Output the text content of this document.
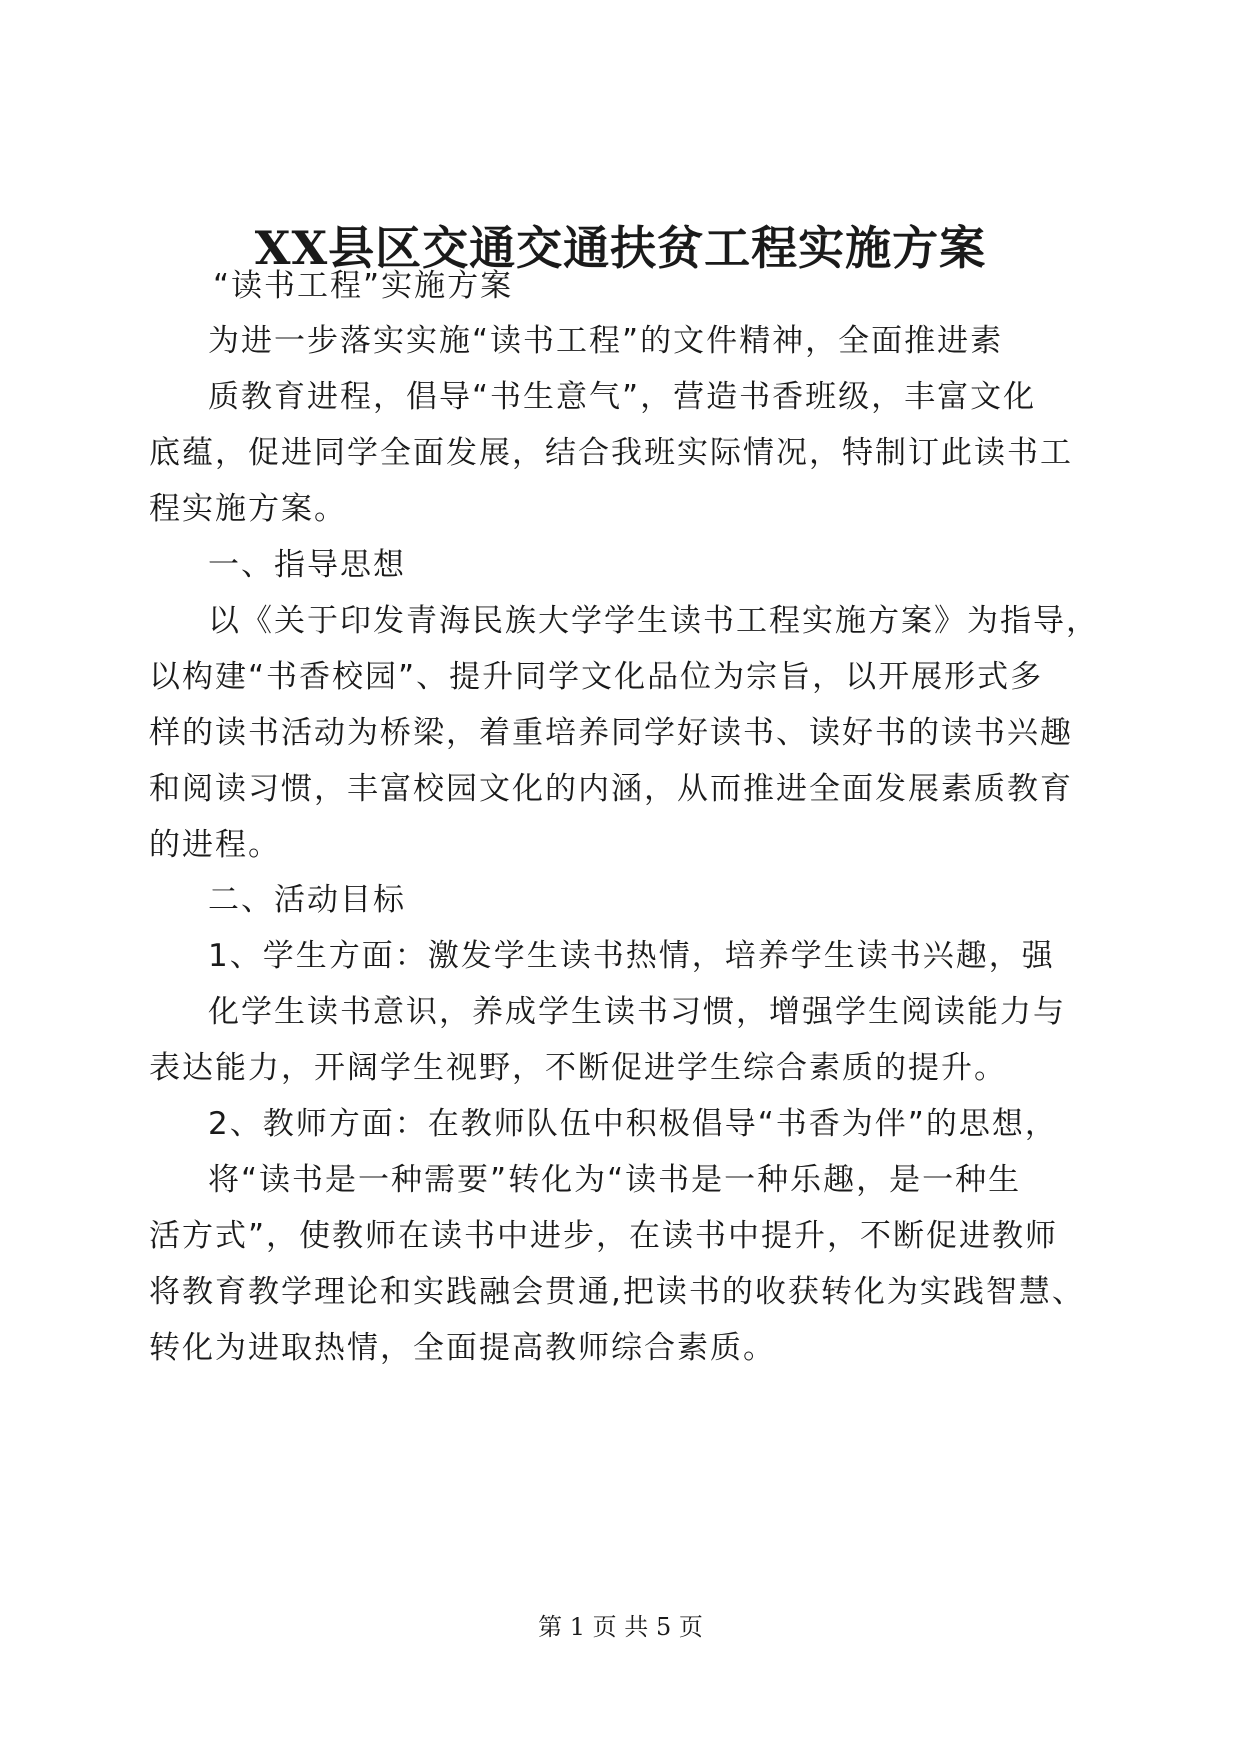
XX县区交通交通扶贫工程实施方案
“读书工程”实施方案
为进一步落实实施“读书工程”的文件精神，全面推进素
质教育进程，倡导“书生意气”，营造书香班级，丰富文化
底蕴，促进同学全面发展，结合我班实际情况，特制订此读书工
程实施方案。
一、指导思想
以《关于印发青海民族大学学生读书工程实施方案》为指导，
以构建“书香校园”、提升同学文化品位为宗旨，以开展形式多
样的读书活动为桥梁，着重培养同学好读书、读好书的读书兴趣
和阅读习惯，丰富校园文化的内涵，从而推进全面发展素质教育
的进程。
二、活动目标
1、学生方面：激发学生读书热情，培养学生读书兴趣，强
化学生读书意识，养成学生读书习惯，增强学生阅读能力与
表达能力，开阔学生视野，不断促进学生综合素质的提升。
2、教师方面：在教师队伍中积极倡导“书香为伴”的思想，
将“读书是一种需要”转化为“读书是一种乐趣，是一种生
活方式”，使教师在读书中进步，在读书中提升，不断促进教师
将教育教学理论和实践融会贯通,把读书的收获转化为实践智慧、
转化为进取热情，全面提高教师综合素质。
第 1 页 共 5 页
